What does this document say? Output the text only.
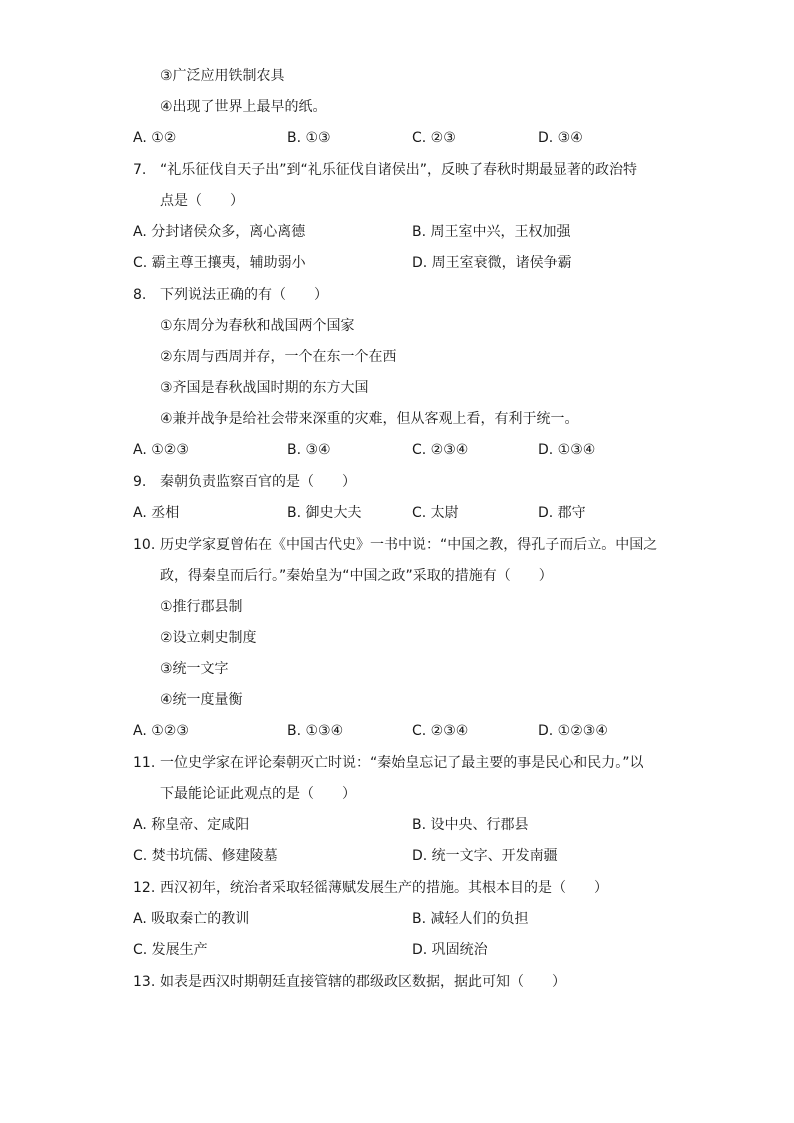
③广泛应用铁制农具
④出现了世界上最早的纸。
A. ①②	B. ①③	C. ②③	D. ③④
7. “礼乐征伐自天子出”到“礼乐征伐自诸侯出”，反映了春秋时期最显著的政治特
点是（　　）
A. 分封诸侯众多，离心离德	B. 周王室中兴，王权加强
C. 霸主尊王攘夷，辅助弱小	D. 周王室衰微，诸侯争霸
8. 下列说法正确的有（　　）
①东周分为春秋和战国两个国家
②东周与西周并存，一个在东一个在西
③齐国是春秋战国时期的东方大国
④兼并战争是给社会带来深重的灾难，但从客观上看，有利于统一。
A. ①②③	B. ③④	C. ②③④	D. ①③④
9. 秦朝负责监察百官的是（　　）
A. 丞相	B. 御史大夫	C. 太尉	D. 郡守
10. 历史学家夏曾佑在《中国古代史》一书中说：“中国之教，得孔子而后立。中国之
政，得秦皇而后行。”秦始皇为“中国之政”采取的措施有（　　）
①推行郡县制
②设立刺史制度
③统一文字
④统一度量衡
A. ①②③	B. ①③④	C. ②③④	D. ①②③④
11. 一位史学家在评论秦朝灭亡时说：“秦始皇忘记了最主要的事是民心和民力。”以
下最能论证此观点的是（　　）
A. 称皇帝、定咸阳	B. 设中央、行郡县
C. 焚书坑儒、修建陵墓	D. 统一文字、开发南疆
12. 西汉初年，统治者采取轻徭薄赋发展生产的措施。其根本目的是（　　）
A. 吸取秦亡的教训	B. 减轻人们的负担
C. 发展生产	D. 巩固统治
13. 如表是西汉时期朝廷直接管辖的郡级政区数据，据此可知（　　）
